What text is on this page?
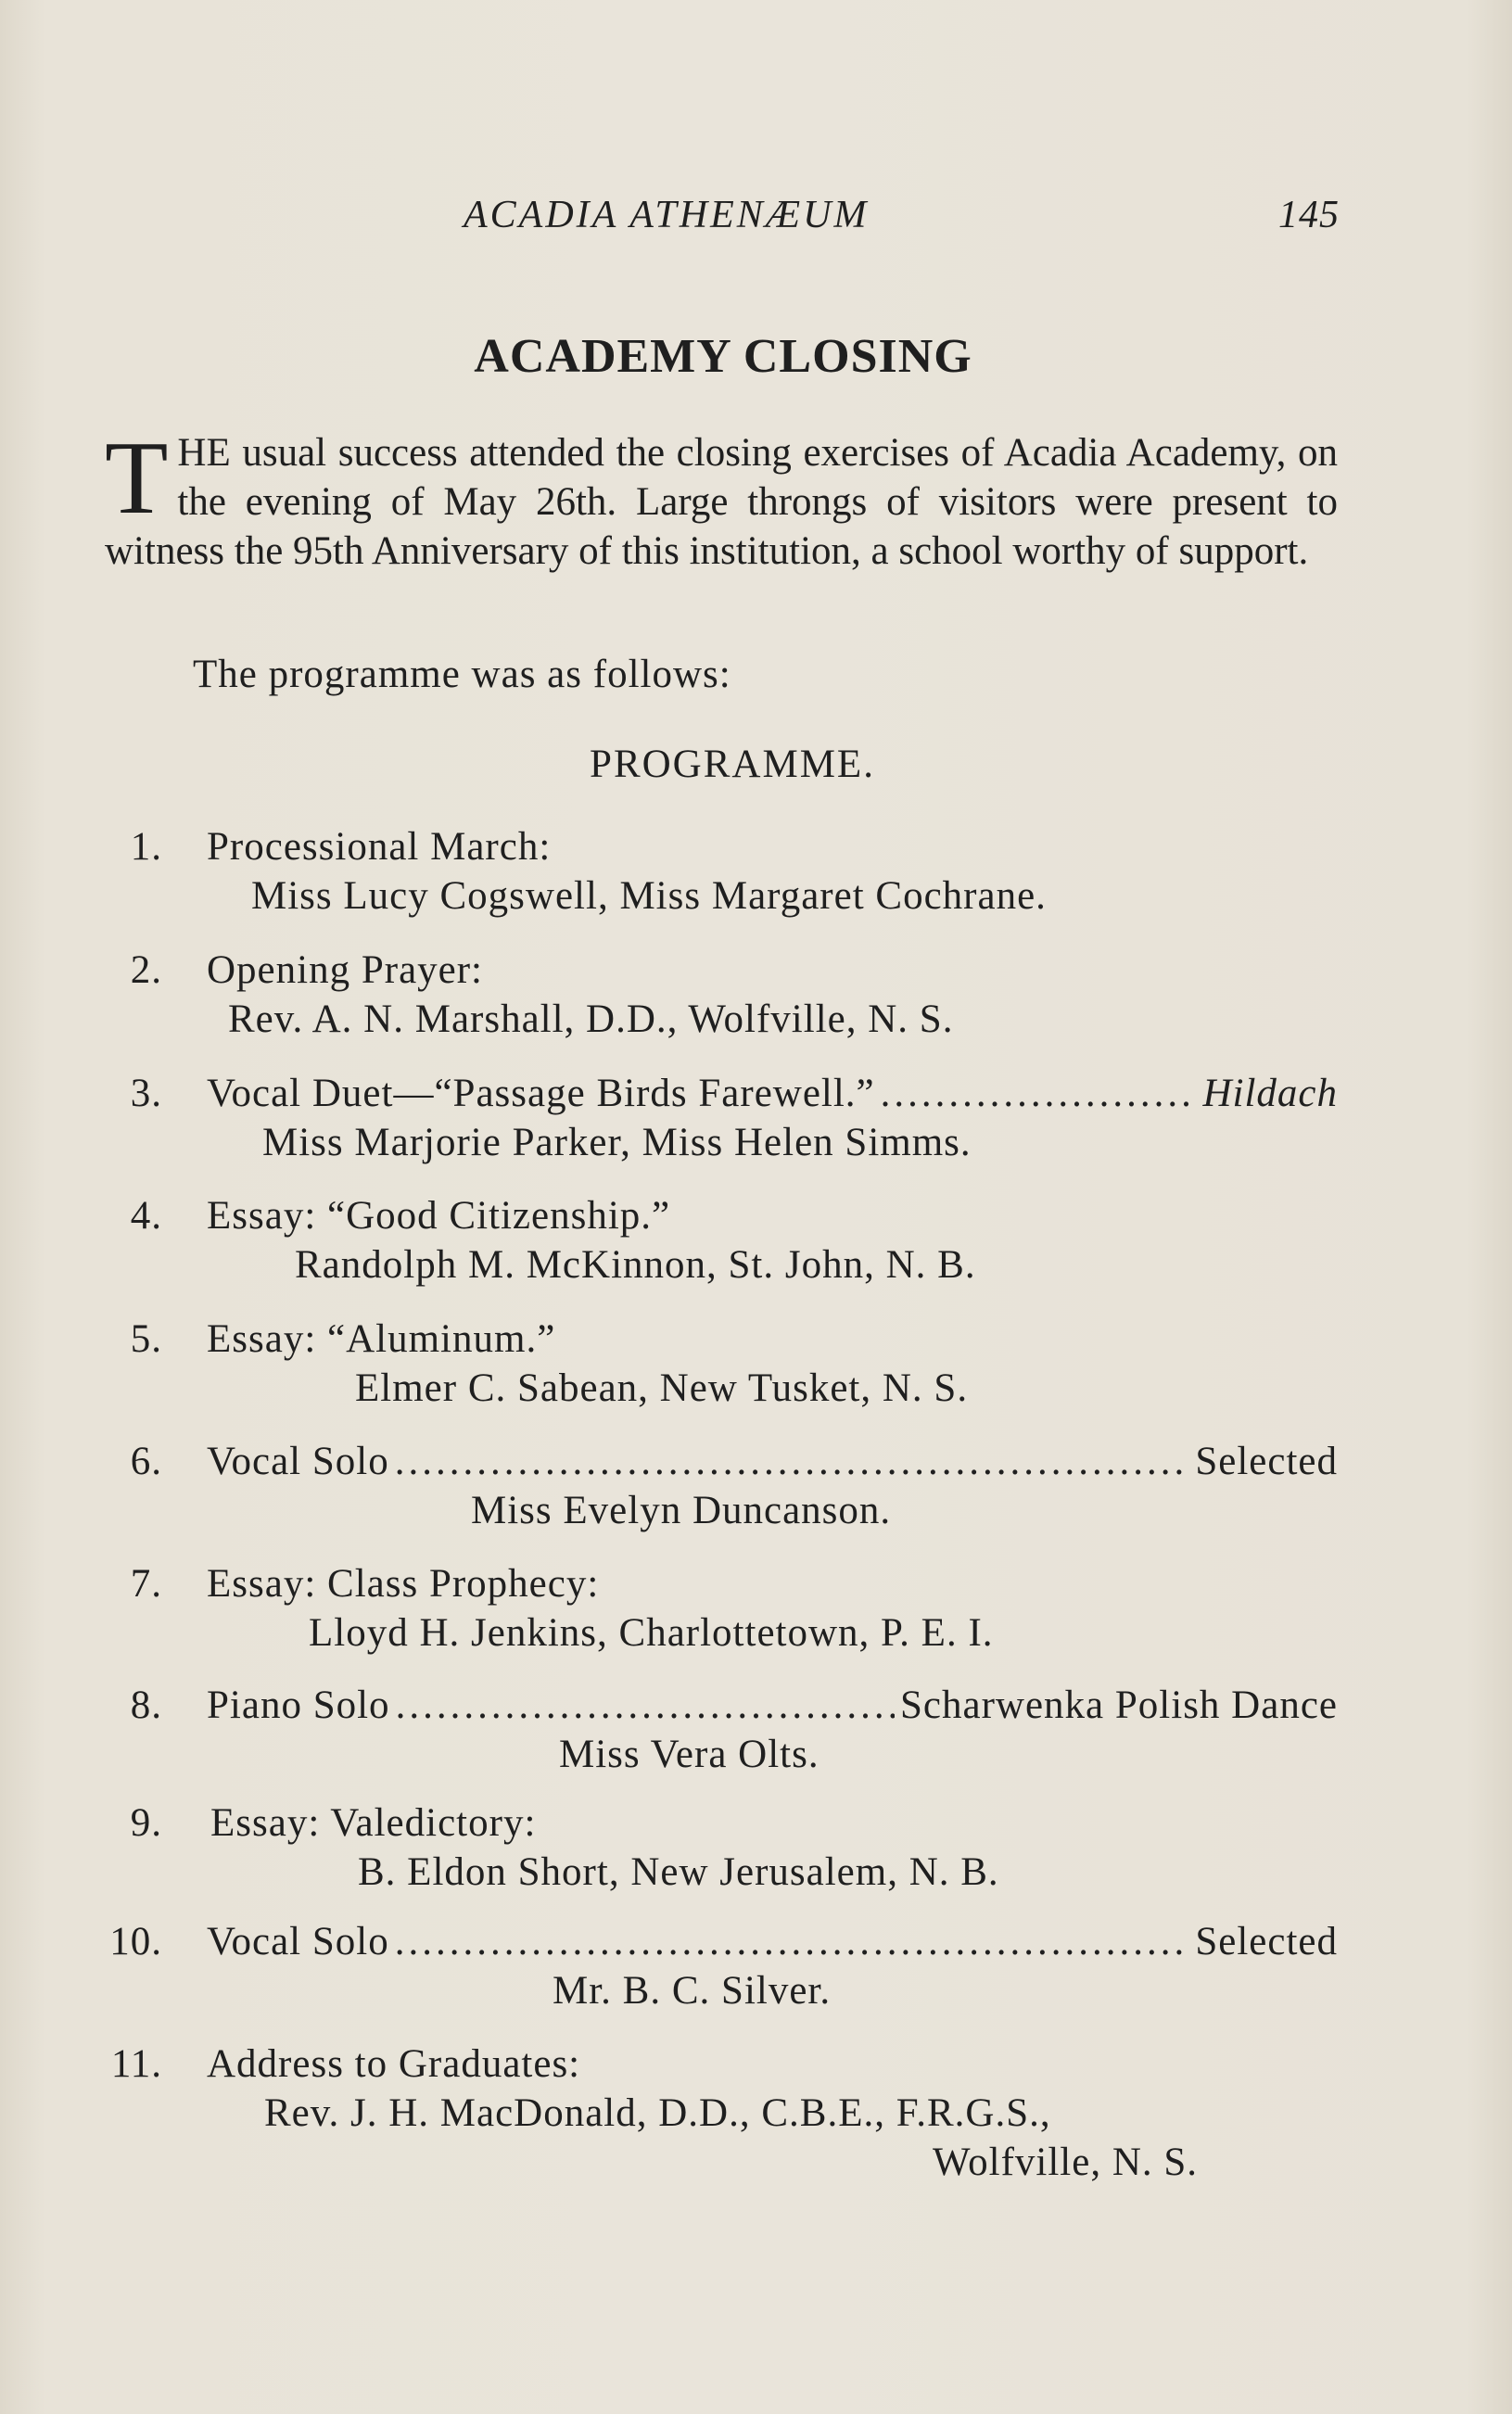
ACADIA ATHENÆUM	145
ACADEMY CLOSING
T HE usual success attended the closing exercises of Acadia Academy, on the evening of May 26th. Large throngs of visitors were present to witness the 95th Anniversary of this institution, a school worthy of support.
The programme was as follows:
PROGRAMME.
1. Processional March:
Miss Lucy Cogswell, Miss Margaret Cochrane.
2. Opening Prayer:
Rev. A. N. Marshall, D.D., Wolfville, N. S.
3. Vocal Duet—“Passage Birds Farewell.” .....	Hildach
Miss Marjorie Parker, Miss Helen Simms.
4. Essay: “Good Citizenship.”
Randolph M. McKinnon, St. John, N. B.
5. Essay: “Aluminum.”
Elmer C. Sabean, New Tusket, N. S.
6. Vocal Solo .....	Selected
Miss Evelyn Duncanson.
7. Essay: Class Prophecy:
Lloyd H. Jenkins, Charlottetown, P. E. I.
8. Piano Solo .....	Scharwenka Polish Dance
Miss Vera Olts.
9. Essay: Valedictory:
B. Eldon Short, New Jerusalem, N. B.
10. Vocal Solo .....	Selected
Mr. B. C. Silver.
11. Address to Graduates:
Rev. J. H. MacDonald, D.D., C.B.E., F.R.G.S.,
Wolfville, N. S.
